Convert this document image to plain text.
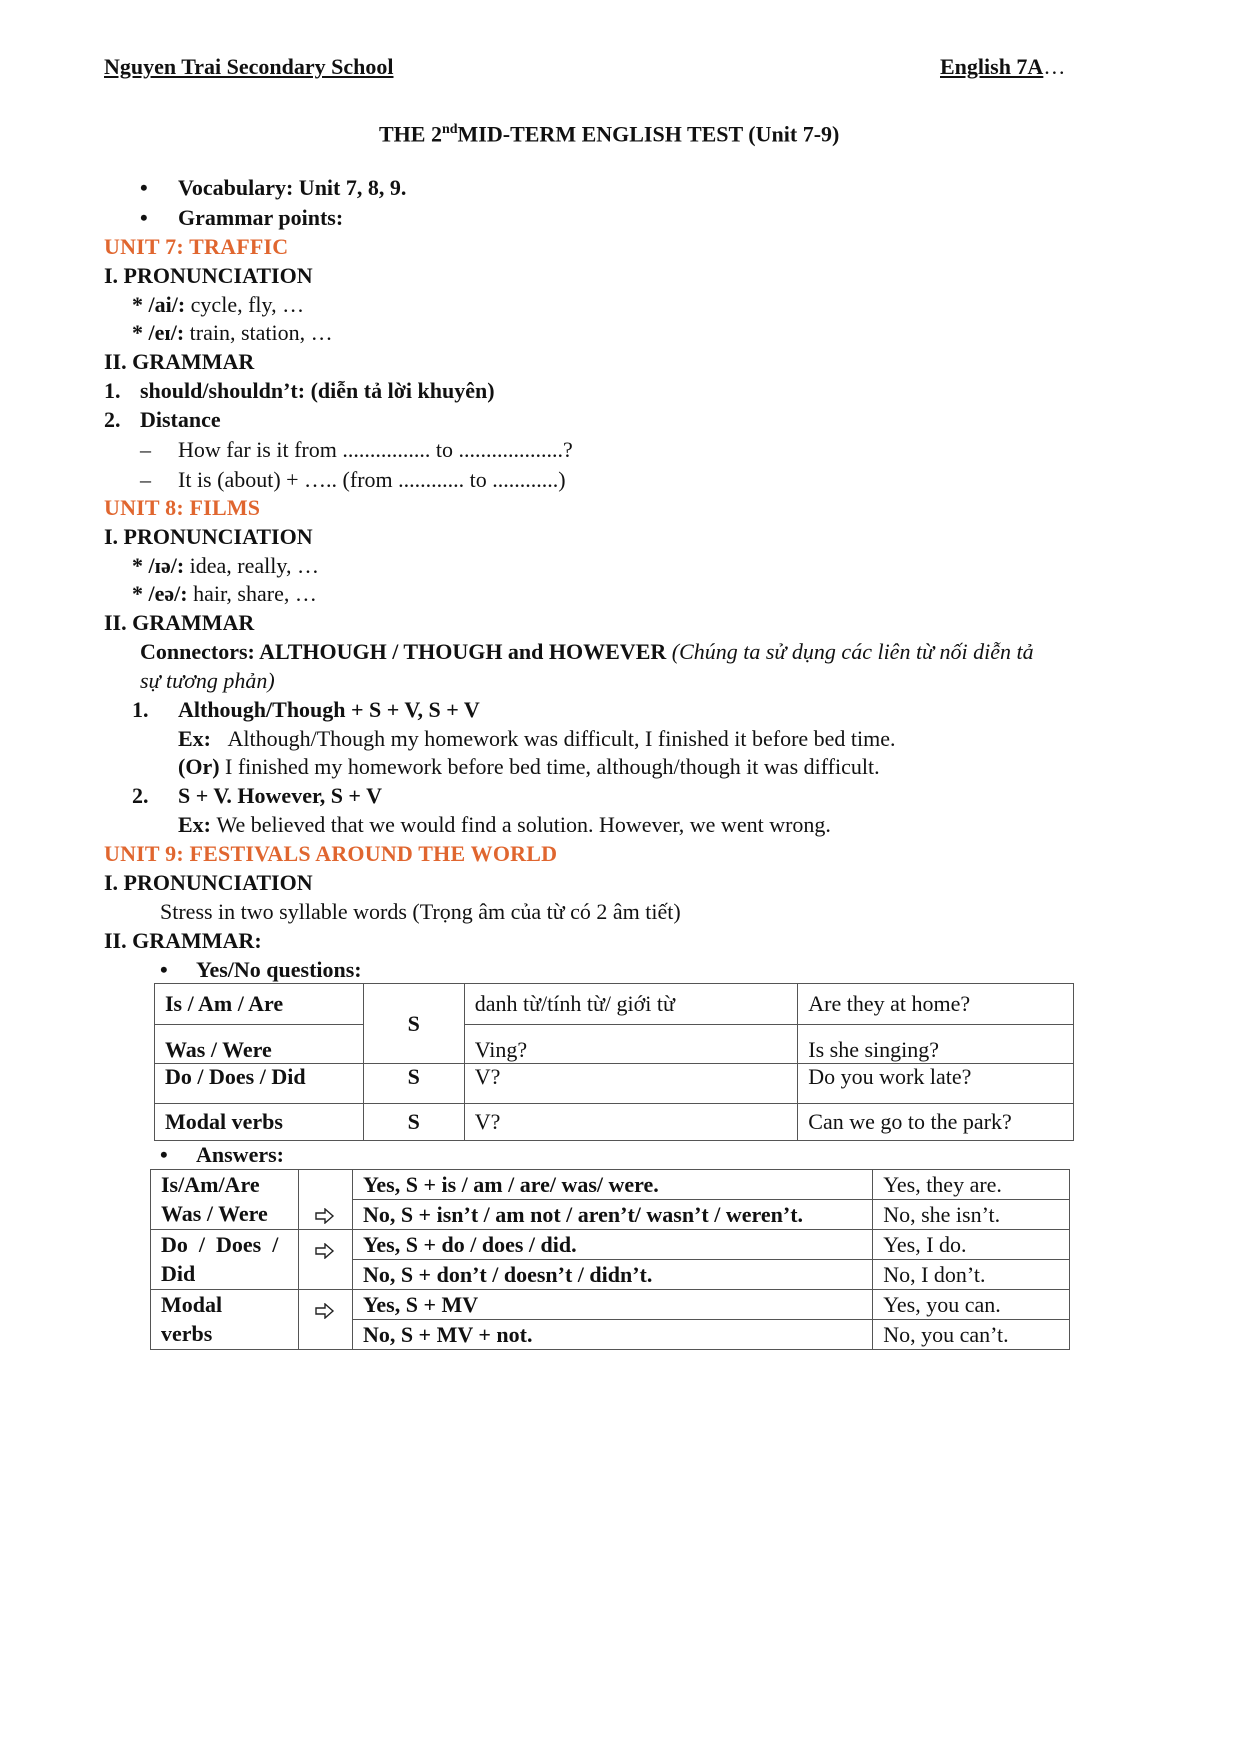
Nguyen Trai Secondary School	English 7A…
THE 2ndMID-TERM ENGLISH TEST (Unit 7-9)
• Vocabulary: Unit 7, 8, 9.
• Grammar points:
UNIT 7: TRAFFIC
I. PRONUNCIATION
* /ai/: cycle, fly, …
* /eɪ/: train, station, …
II. GRAMMAR
1. should/shouldn’t: (diễn tả lời khuyên)
2. Distance
– How far is it from ................ to ...................?
– It is (about) + ….. (from ............ to ............)
UNIT 8: FILMS
I. PRONUNCIATION
* /ɪə/: idea, really, …
* /eə/: hair, share, …
II. GRAMMAR
Connectors: ALTHOUGH / THOUGH and HOWEVER (Chúng ta sử dụng các liên từ nối diễn tả
sự tương phản)
1. Although/Though + S + V, S + V
Ex: Although/Though my homework was difficult, I finished it before bed time.
(Or) I finished my homework before bed time, although/though it was difficult.
2. S + V. However, S + V
Ex: We believed that we would find a solution. However, we went wrong.
UNIT 9: FESTIVALS AROUND THE WORLD
I. PRONUNCIATION
Stress in two syllable words (Trọng âm của từ có 2 âm tiết)
II. GRAMMAR:
• Yes/No questions:
Is / Am / Are	S	danh từ/tính từ/ giới từ	Are they at home?
Was / Were		Ving?	Is she singing?
Do / Does / Did	S	V?	Do you work late?
Modal verbs	S	V?	Can we go to the park?
• Answers:
Is/Am/Are
Was / Were		Yes, S + is / am / are/ was/ were.	Yes, they are.
		No, S + isn’t / am not / aren’t/ wasn’t / weren’t.	No, she isn’t.

Do  /  Does  /
Did		Yes, S + do / does / did.	Yes, I do.
		No, S + don’t / doesn’t / didn’t.	No, I don’t.

Modal
verbs		Yes, S + MV	Yes, you can.
		No, S + MV + not.	No, you can’t.
